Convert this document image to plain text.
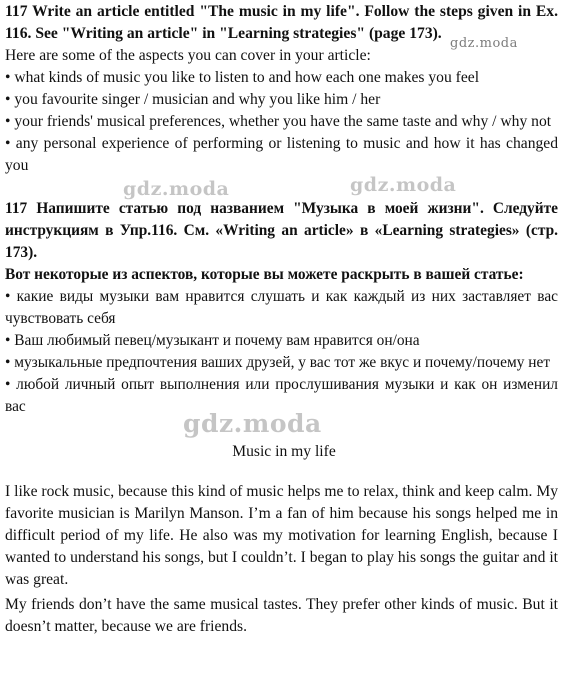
117 Write an article entitled "The music in my life". Follow the steps given in Ex. 116. See "Writing an article" in "Learning strategies" (page 173).

Here are some of the aspects you can cover in your article:

• what kinds of music you like to listen to and how each one makes you feel

• you favourite singer / musician and why you like him / her

• your friends' musical preferences, whether you have the same taste and why / why not

• any personal experience of performing or listening to music and how it has changed you

117 Напишите статью под названием "Музыка в моей жизни". Следуйте инструкциям в Упр.116. См. «Writing an article» в «Learning strategies» (стр. 173).

Вот некоторые из аспектов, которые вы можете раскрыть в вашей статье:

• какие виды музыки вам нравится слушать и как каждый из них заставляет вас чувствовать себя

• Ваш любимый певец/музыкант и почему вам нравится он/она

• музыкальные предпочтения ваших друзей, у вас тот же вкус и почему/почему нет

• любой личный опыт выполнения или прослушивания музыки и как он изменил вас

Music in my life

I like rock music, because this kind of music helps me to relax, think and keep calm. My favorite musician is Marilyn Manson. I’m a fan of him because his songs helped me in difficult period of my life. He also was my motivation for learning English, because I wanted to understand his songs, but I couldn’t. I began to play his songs the guitar and it was great.

My friends don’t have the same musical tastes. They prefer other kinds of music. But it doesn’t matter, because we are friends.

gdz.moda
gdz.moda	gdz.moda
gdz.moda
